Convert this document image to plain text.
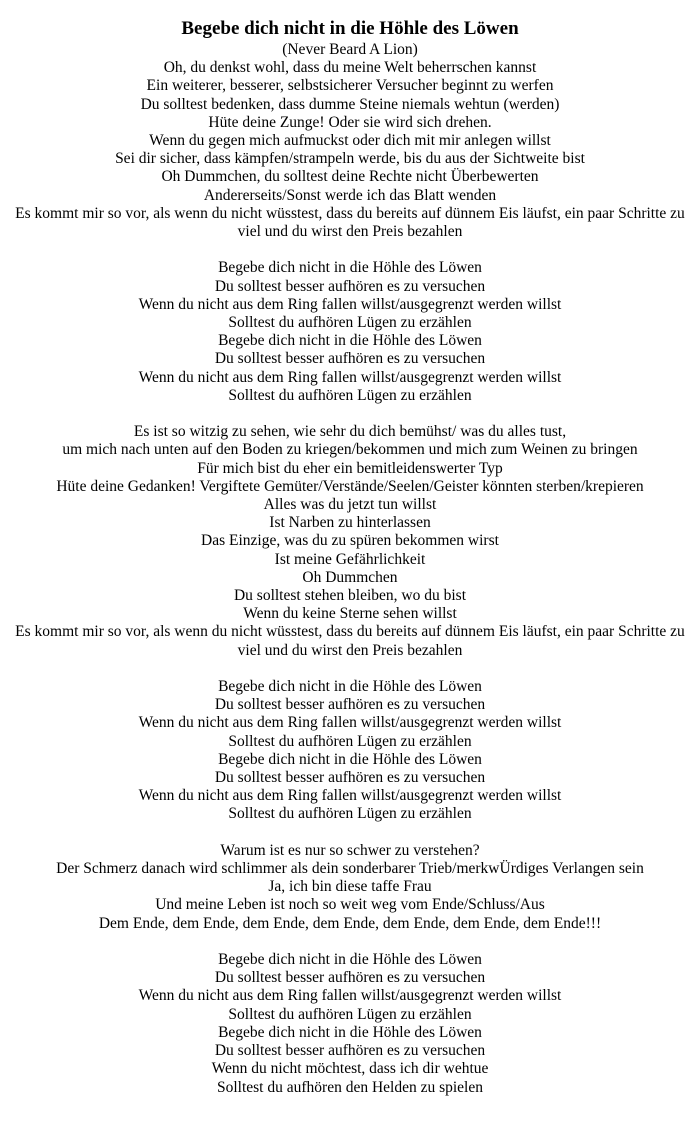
Begebe dich nicht in die Höhle des Löwen
(Never Beard A Lion)
Oh, du denkst wohl, dass du meine Welt beherrschen kannst
Ein weiterer, besserer, selbstsicherer Versucher beginnt zu werfen
Du solltest bedenken, dass dumme Steine niemals wehtun (werden)
Hüte deine Zunge! Oder sie wird sich drehen.
Wenn du gegen mich aufmuckst oder dich mit mir anlegen willst
Sei dir sicher, dass kämpfen/strampeln werde, bis du aus der Sichtweite bist
Oh Dummchen, du solltest deine Rechte nicht Überbewerten
Andererseits/Sonst werde ich das Blatt wenden
Es kommt mir so vor, als wenn du nicht wüsstest, dass du bereits auf dünnem Eis läufst, ein paar Schritte zu viel und du wirst den Preis bezahlen
Begebe dich nicht in die Höhle des Löwen
Du solltest besser aufhören es zu versuchen
Wenn du nicht aus dem Ring fallen willst/ausgegrenzt werden willst
Solltest du aufhören Lügen zu erzählen
Begebe dich nicht in die Höhle des Löwen
Du solltest besser aufhören es zu versuchen
Wenn du nicht aus dem Ring fallen willst/ausgegrenzt werden willst
Solltest du aufhören Lügen zu erzählen
Es ist so witzig zu sehen, wie sehr du dich bemühst/ was du alles tust,
um mich nach unten auf den Boden zu kriegen/bekommen und mich zum Weinen zu bringen
Für mich bist du eher ein bemitleidenswerter Typ
Hüte deine Gedanken! Vergiftete Gemüter/Verstände/Seelen/Geister könnten sterben/krepieren
Alles was du jetzt tun willst
Ist Narben zu hinterlassen
Das Einzige, was du zu spüren bekommen wirst
Ist meine Gefährlichkeit
Oh Dummchen
Du solltest stehen bleiben, wo du bist
Wenn du keine Sterne sehen willst
Es kommt mir so vor, als wenn du nicht wüsstest, dass du bereits auf dünnem Eis läufst, ein paar Schritte zu viel und du wirst den Preis bezahlen
Begebe dich nicht in die Höhle des Löwen
Du solltest besser aufhören es zu versuchen
Wenn du nicht aus dem Ring fallen willst/ausgegrenzt werden willst
Solltest du aufhören Lügen zu erzählen
Begebe dich nicht in die Höhle des Löwen
Du solltest besser aufhören es zu versuchen
Wenn du nicht aus dem Ring fallen willst/ausgegrenzt werden willst
Solltest du aufhören Lügen zu erzählen
Warum ist es nur so schwer zu verstehen?
Der Schmerz danach wird schlimmer als dein sonderbarer Trieb/merkwÜrdiges Verlangen sein
Ja, ich bin diese taffe Frau
Und meine Leben ist noch so weit weg vom Ende/Schluss/Aus
Dem Ende, dem Ende, dem Ende, dem Ende, dem Ende, dem Ende, dem Ende!!!
Begebe dich nicht in die Höhle des Löwen
Du solltest besser aufhören es zu versuchen
Wenn du nicht aus dem Ring fallen willst/ausgegrenzt werden willst
Solltest du aufhören Lügen zu erzählen
Begebe dich nicht in die Höhle des Löwen
Du solltest besser aufhören es zu versuchen
Wenn du nicht möchtest, dass ich dir wehtue
Solltest du aufhören den Helden zu spielen
